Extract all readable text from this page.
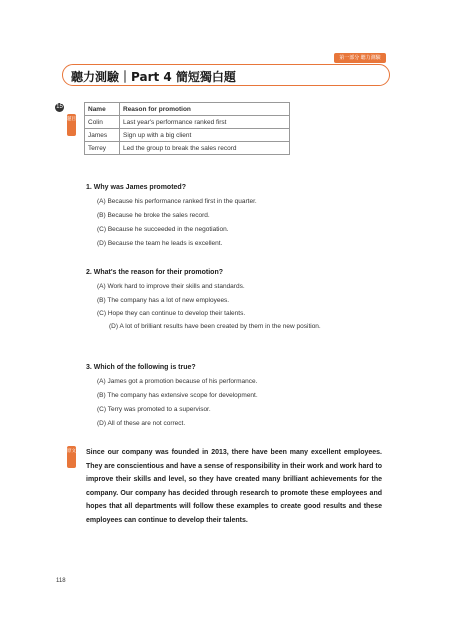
第一部分 聽力測驗
聽力測驗｜Part 4 簡短獨白題
15
題目
Name	Reason for promotion
Colin	Last year's performance ranked first
James	Sign up with a big client
Terrey	Led the group to break the sales record
1. Why was James promoted?
(A) Because his performance ranked first in the quarter.
(B) Because he broke the sales record.
(C) Because he succeeded in the negotiation.
(D) Because the team he leads is excellent.
2. What's the reason for their promotion?
(A) Work hard to improve their skills and standards.
(B) The company has a lot of new employees.
(C) Hope they can continue to develop their talents.
(D) A lot of brilliant results have been created by them in the new position.
3. Which of the following is true?
(A) James got a promotion because of his performance.
(B) The company has extensive scope for development.
(C) Terry was promoted to a supervisor.
(D) All of these are not correct.
原文 Since our company was founded in 2013, there have been many excellent employees. They are conscientious and have a sense of responsibility in their work and work hard to improve their skills and level, so they have created many brilliant achievements for the company. Our company has decided through research to promote these employees and hopes that all departments will follow these examples to create good results and these employees can continue to develop their talents.
118
